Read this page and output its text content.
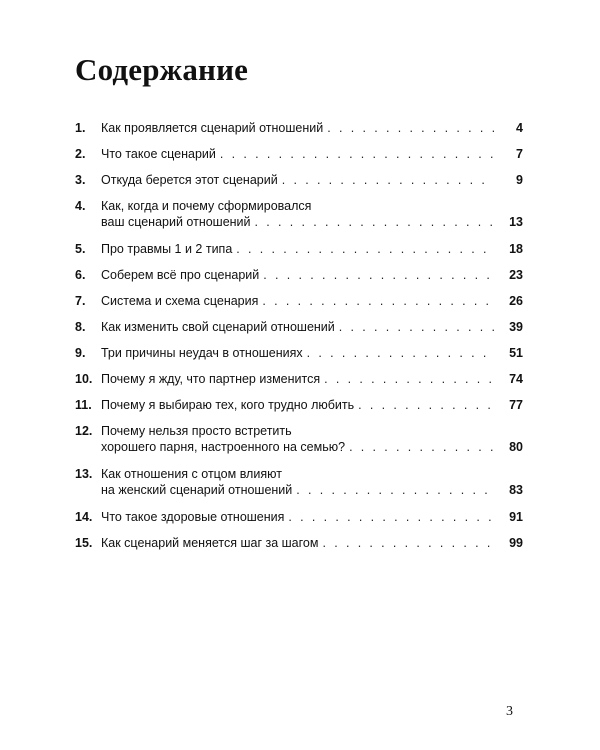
Содержание
1.	Как проявляется сценарий отношений . . .	4
2.	Что такое сценарий . . .	7
3.	Откуда берется этот сценарий . . .	9
4.	Как, когда и почему сформировался
ваш сценарий отношений . . .	13
5.	Про травмы 1 и 2 типа . . .	18
6.	Соберем всё про сценарий . . .	23
7.	Система и схема сценария . . .	26
8.	Как изменить свой сценарий отношений . . .	39
9.	Три причины неудач в отношениях . . .	51
10. Почему я жду, что партнер изменится . . .	74
11. Почему я выбираю тех, кого трудно любить . . .	77
12. Почему нельзя просто встретить
хорошего парня, настроенного на семью? . . .	80
13. Как отношения с отцом влияют
на женский сценарий отношений . . .	83
14. Что такое здоровые отношения . . .	91
15. Как сценарий меняется шаг за шагом . . .	99
3
